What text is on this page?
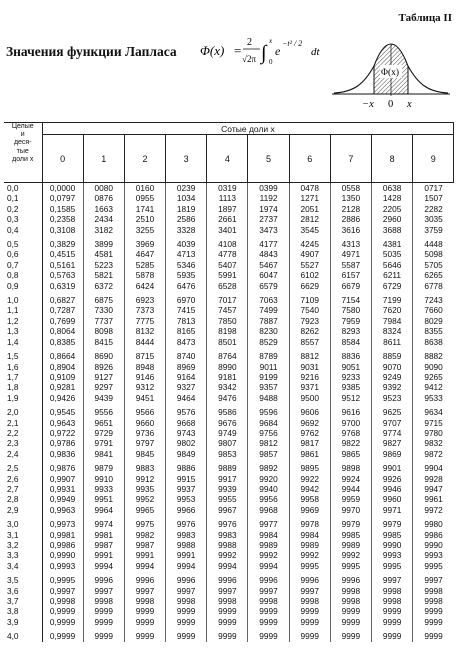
Таблица II
Значения функции Лапласа Φ(x) =
2
√2π ∫
x
0
e
−t² / 2
dt
Φ(x)
−x 0 x
Целые
и
деся-
тые
доли x	Сотые доли x									
	0	1	2	3	4	5	6	7	8	9
0,0	0,0000	0080	0160	0239	0319	0399	0478	0558	0638	0717
0,1	0,0797	0876	0955	1034	1113	1192	1271	1350	1428	1507
0,2	0,1585	1663	1741	1819	1897	1974	2051	2128	2205	2282
0,3	0,2358	2434	2510	2586	2661	2737	2812	2886	2960	3035
0,4	0,3108	3182	3255	3328	3401	3473	3545	3616	3688	3759
0,5	0,3829	3899	3969	4039	4108	4177	4245	4313	4381	4448
0,6	0,4515	4581	4647	4713	4778	4843	4907	4971	5035	5098
0,7	0,5161	5223	5285	5346	5407	5467	5527	5587	5646	5705
0,8	0,5763	5821	5878	5935	5991	6047	6102	6157	6211	6265
0,9	0,6319	6372	6424	6476	6528	6579	6629	6679	6729	6778
1,0	0,6827	6875	6923	6970	7017	7063	7109	7154	7199	7243
1,1	0,7287	7330	7373	7415	7457	7499	7540	7580	7620	7660
1,2	0,7699	7737	7775	7813	7850	7887	7923	7959	7984	8029
1,3	0,8064	8098	8132	8165	8198	8230	8262	8293	8324	8355
1,4	0,8385	8415	8444	8473	8501	8529	8557	8584	8611	8638
1,5	0,8664	8690	8715	8740	8764	8789	8812	8836	8859	8882
1,6	0,8904	8926	8948	8969	8990	9011	9031	9051	9070	9090
1,7	0,9109	9127	9146	9164	9181	9199	9216	9233	9249	9265
1,8	0,9281	9297	9312	9327	9342	9357	9371	9385	9392	9412
1,9	0,9426	9439	9451	9464	9476	9488	9500	9512	9523	9533
2,0	0,9545	9556	9566	9576	9586	9596	9606	9616	9625	9634
2,1	0,9643	9651	9660	9668	9676	9684	9692	9700	9707	9715
2,2	0,9722	9729	9736	9743	9749	9756	9762	9768	9774	9780
2,3	0,9786	9791	9797	9802	9807	9812	9817	9822	9827	9832
2,4	0,9836	9841	9845	9849	9853	9857	9861	9865	9869	9872
2,5	0,9876	9879	9883	9886	9889	9892	9895	9898	9901	9904
2,6	0,9907	9910	9912	9915	9917	9920	9922	9924	9926	9928
2,7	0,9931	9933	9935	9937	9939	9940	9942	9944	9946	9947
2,8	0,9949	9951	9952	9953	9955	9956	9958	9959	9960	9961
2,9	0,9963	9964	9965	9966	9967	9968	9969	9970	9971	9972
3,0	0,9973	9974	9975	9976	9976	9977	9978	9979	9979	9980
3,1	0,9981	9981	9982	9983	9983	9984	9984	9985	9985	9986
3,2	0,9986	9987	9987	9988	9988	9989	9989	9989	9990	9990
3,3	0,9990	9991	9991	9991	9992	9992	9992	9992	9993	9993
3,4	0,9993	9994	9994	9994	9994	9994	9995	9995	9995	9995
3,5	0,9995	9996	9996	9996	9996	9996	9996	9996	9997	9997
3,6	0,9997	9997	9997	9997	9997	9997	9997	9998	9998	9998
3,7	0,9998	9998	9998	9998	9998	9998	9998	9998	9998	9998
3,8	0,9999	9999	9999	9999	9999	9999	9999	9999	9999	9999
3,9	0,9999	9999	9999	9999	9999	9999	9999	9999	9999	9999
4,0	0,9999	9999	9999	9999	9999	9999	9999	9999	9999	9999
